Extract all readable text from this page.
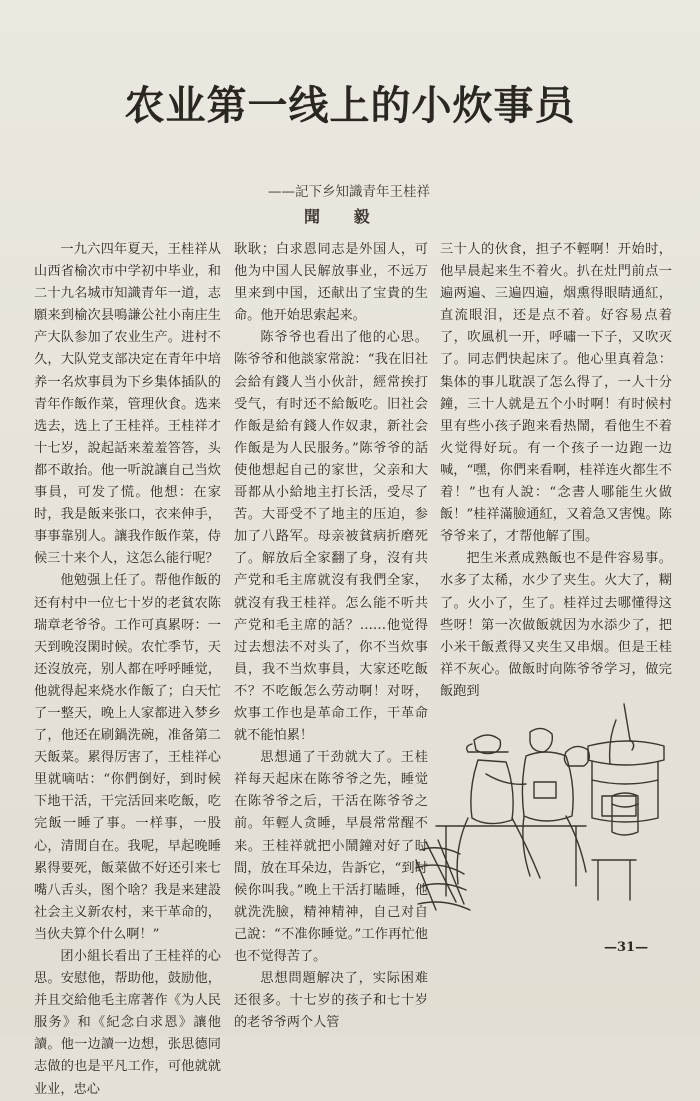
农业第一线上的小炊事员
——記下乡知識青年王桂祥
聞 毅

一九六四年夏天，王桂祥从山西省榆次市中学初中毕业，和二十九名城市知識青年一道，志願来到榆次县鳴謙公社小南庄生产大队参加了农业生产。进村不久，大队党支部决定在青年中培养一名炊事員为下乡集体插队的青年作飯作菜，管理伙食。选来选去，选上了王桂祥。王桂祥才十七岁，說起話来羞羞答答，头都不敢抬。他一听說讓自己当炊事員，可发了慌。他想：在家时，我是飯来张口，衣来伸手，事事靠别人。讓我作飯作菜，侍候三十来个人，这怎么能行呢？

他勉强上任了。帮他作飯的还有村中一位七十岁的老貧农陈瑞章老爷爷。工作可真累呀：一天到晚沒閑时候。农忙季节，天还沒放亮，别人都在呼呼睡觉，他就得起来烧水作飯了；白天忙了一整天，晚上人家都进入梦乡了，他还在刷鍋洗碗，准备第二天飯菜。累得厉害了，王桂祥心里就嘀咕：“你們倒好，到时候下地干活，干完活回来吃飯，吃完飯一睡了事。一样事，一股心，清閒自在。我呢，早起晚睡累得要死，飯菜做不好还引来七嘴八舌头，图个啥？我是来建設社会主义新农村，来干革命的，当伙夫算个什么啊！”

团小組长看出了王桂祥的心思。安慰他，帮助他，鼓励他，并且交給他毛主席著作《为人民服务》和《紀念白求恩》讓他讀。他一边讀一边想，张思德同志做的也是平凡工作，可他就就业业，忠心

耿耿；白求恩同志是外国人，可他为中国人民解放事业，不远万里来到中国，还献出了宝貴的生命。他开始思索起来。

陈爷爷也看出了他的心思。陈爷爷和他談家常說：“我在旧社会給有錢人当小伙計，經常挨打受气，有时还不給飯吃。旧社会作飯是給有錢人作奴隶，新社会作飯是为人民服务。”陈爷爷的話使他想起自己的家世，父亲和大哥都从小給地主打长活，受尽了苦。大哥受不了地主的压迫，参加了八路军。母亲被貧病折磨死了。解放后全家翻了身，沒有共产党和毛主席就沒有我們全家，就沒有我王桂祥。怎么能不听共产党和毛主席的話？……他觉得过去想法不对头了，你不当炊事員，我不当炊事員，大家还吃飯不？不吃飯怎么劳动啊！对呀，炊事工作也是革命工作，干革命就不能怕累！

思想通了干劲就大了。王桂祥每天起床在陈爷爷之先，睡觉在陈爷爷之后，干活在陈爷爷之前。年輕人贪睡，早晨常常醒不来。王桂祥就把小鬧鐘对好了时間，放在耳朵边，告訴它，“到时候你叫我。”晚上干活打瞌睡，他就洗洗臉，精神精神，自己对自己說：“不准你睡觉。”工作再忙他也不觉得苦了。

思想問題解决了，实际困难还很多。十七岁的孩子和七十岁的老爷爷两个人管

三十人的伙食，担子不輕啊！开始时，他早晨起来生不着火。扒在灶門前点一遍两遍、三遍四遍，烟熏得眼睛通紅，直流眼泪，还是点不着。好容易点着了，吹風机一开，呼嘯一下子，又吹灭了。同志們快起床了。他心里真着急：集体的事儿耽誤了怎么得了，一人十分鐘，三十人就是五个小时啊！有时候村里有些小孩子跑来看热鬧，看他生不着火觉得好玩。有一个孩子一边跑一边喊，“嘿，你們来看啊，桂祥连火都生不着！”也有人說：“念書人哪能生火做飯！”桂祥滿臉通紅，又着急又害愧。陈爷爷来了，才帮他解了围。

把生米煮成熟飯也不是件容易事。水多了太稀，水少了夹生。火大了，糊了。火小了，生了。桂祥过去哪懂得这些呀！第一次做飯就因为水添少了，把小米干飯煮得又夹生又串烟。但是王桂祥不灰心。做飯时向陈爷爷学习，做完飯跑到

—31—
